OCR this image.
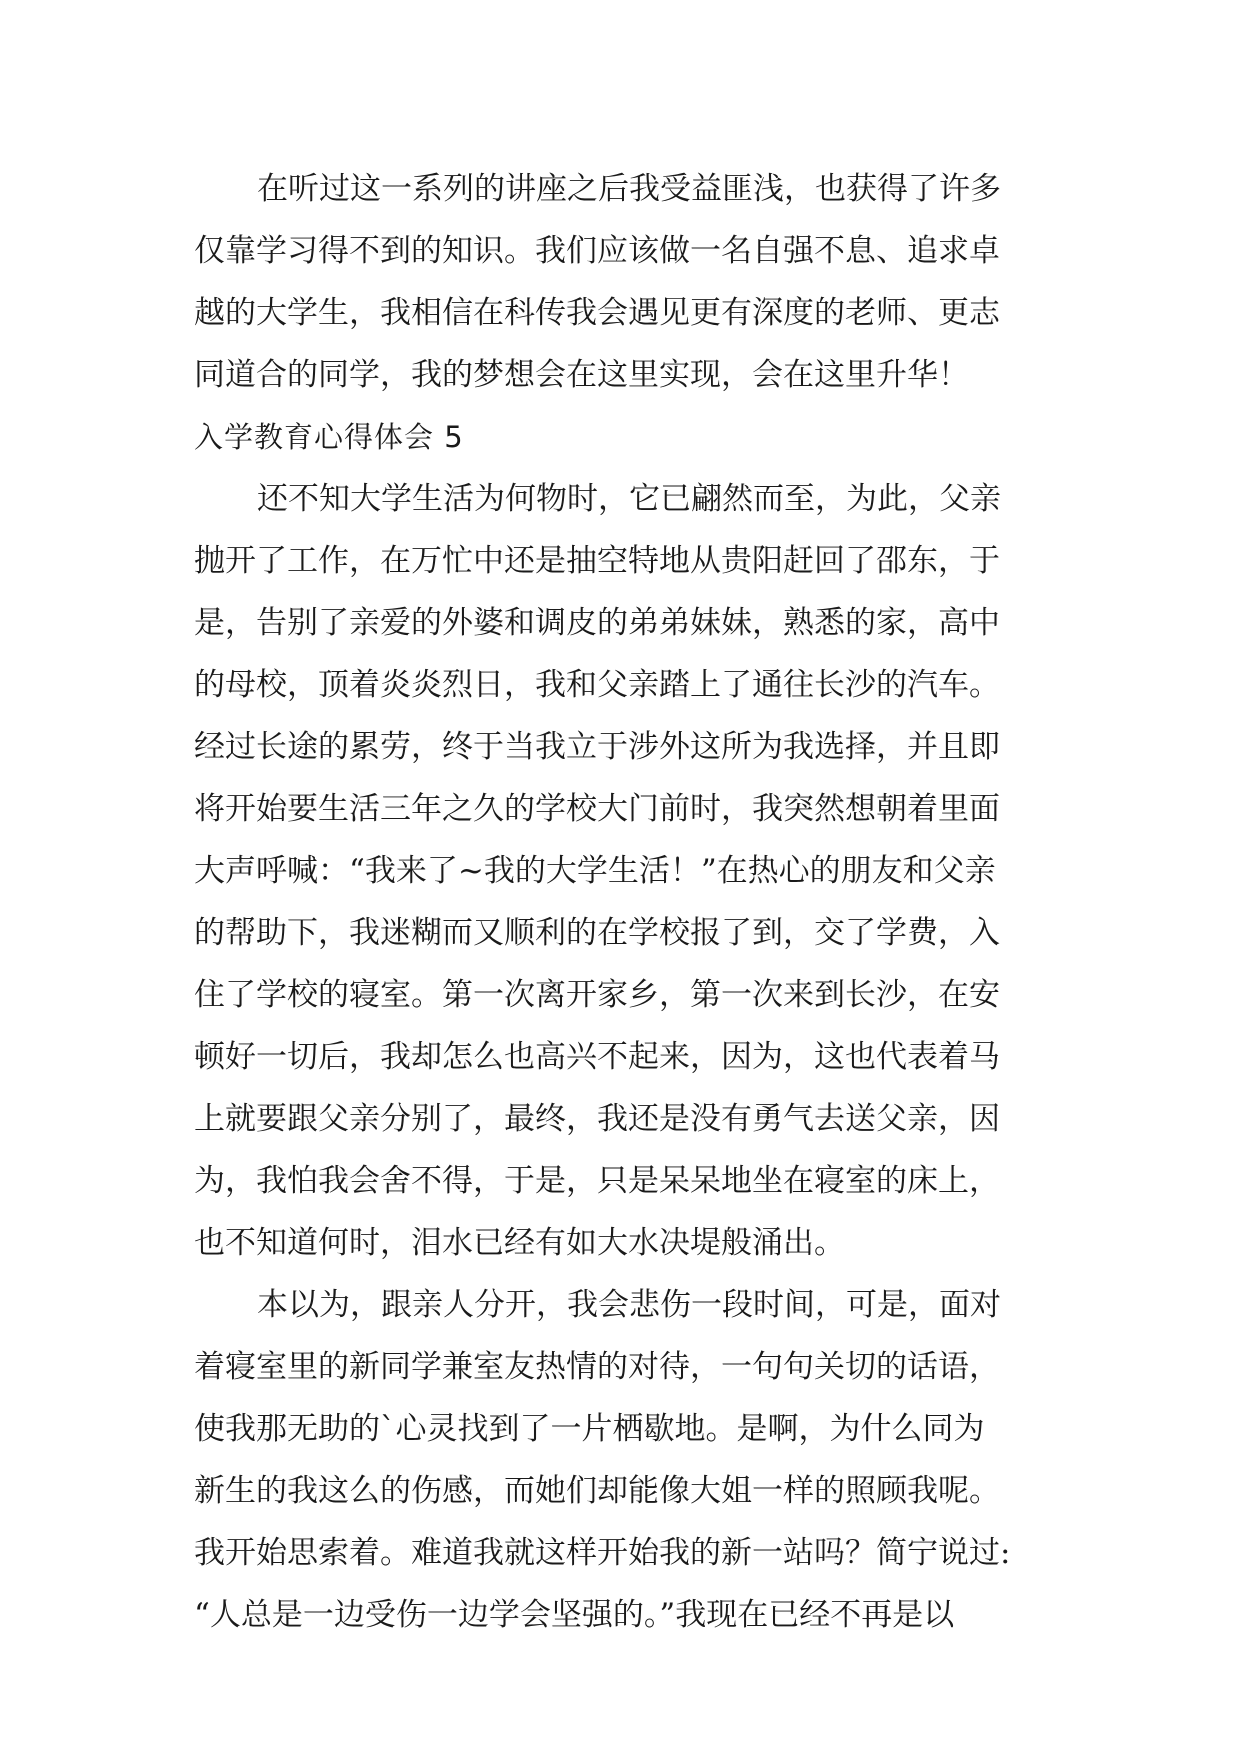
在听过这一系列的讲座之后我受益匪浅，也获得了许多
仅靠学习得不到的知识。我们应该做一名自强不息、追求卓
越的大学生，我相信在科传我会遇见更有深度的老师、更志
同道合的同学，我的梦想会在这里实现，会在这里升华！
入学教育心得体会 5
还不知大学生活为何物时，它已翩然而至，为此，父亲
抛开了工作，在万忙中还是抽空特地从贵阳赶回了邵东，于
是，告别了亲爱的外婆和调皮的弟弟妹妹，熟悉的家，高中
的母校，顶着炎炎烈日，我和父亲踏上了通往长沙的汽车。
经过长途的累劳，终于当我立于涉外这所为我选择，并且即
将开始要生活三年之久的学校大门前时，我突然想朝着里面
大声呼喊：“我来了~我的大学生活！”在热心的朋友和父亲
的帮助下，我迷糊而又顺利的在学校报了到，交了学费，入
住了学校的寝室。第一次离开家乡，第一次来到长沙，在安
顿好一切后，我却怎么也高兴不起来，因为，这也代表着马
上就要跟父亲分别了，最终，我还是没有勇气去送父亲，因
为，我怕我会舍不得，于是，只是呆呆地坐在寝室的床上，
也不知道何时，泪水已经有如大水决堤般涌出。
本以为，跟亲人分开，我会悲伤一段时间，可是，面对
着寝室里的新同学兼室友热情的对待，一句句关切的话语，
使我那无助的`心灵找到了一片栖歇地。是啊，为什么同为
新生的我这么的伤感，而她们却能像大姐一样的照顾我呢。
我开始思索着。难道我就这样开始我的新一站吗？简宁说过:
“人总是一边受伤一边学会坚强的。”我现在已经不再是以
